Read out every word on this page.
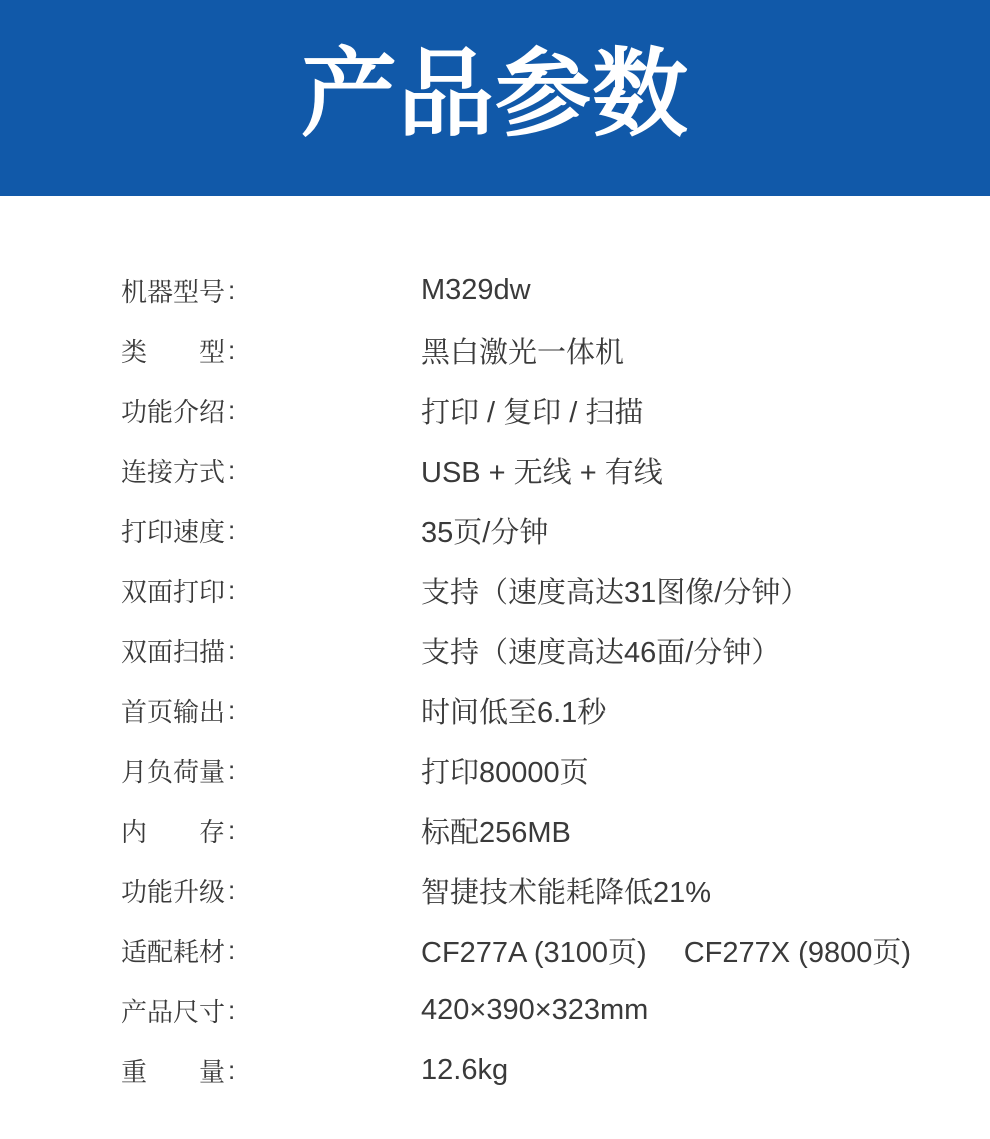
产品参数
机器型号 :	M329dw
类　　型 :	黑白激光一体机
功能介绍 :	打印 / 复印 / 扫描
连接方式 :	USB + 无线 + 有线
打印速度 :	35页/分钟
双面打印 :	支持（速度高达31图像/分钟）
双面扫描 :	支持（速度高达46面/分钟）
首页输出 :	时间低至6.1秒
月负荷量 :	打印80000页
内　　存 :	标配256MB
功能升级 :	智捷技术能耗降低21%
适配耗材 :	CF277A (3100页)　 CF277X (9800页)
产品尺寸 :	420×390×323mm
重　　量 :	12.6kg
